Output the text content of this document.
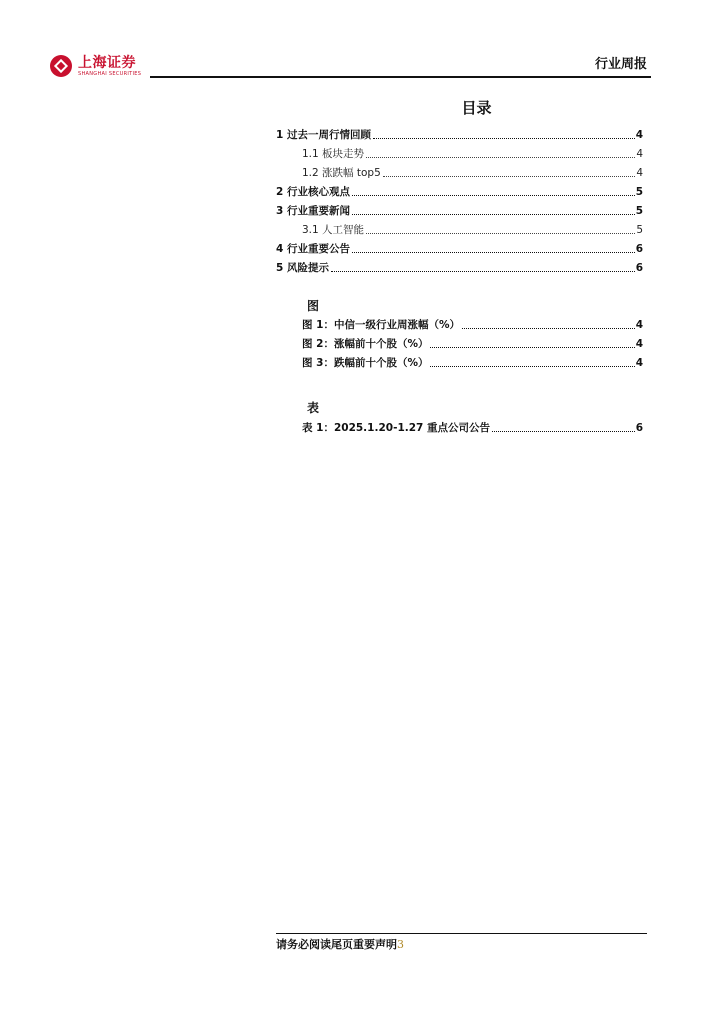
上海证券
SHANGHAI SECURITIES
行业周报
目录
1 过去一周行情回顾	4
1.1 板块走势	4
1.2 涨跌幅 top5	4
2 行业核心观点	5
3 行业重要新闻	5
3.1 人工智能	5
4 行业重要公告	6
5 风险提示	6
图
图 1：中信一级行业周涨幅（%）	4
图 2：涨幅前十个股（%）	4
图 3：跌幅前十个股（%）	4
表
表 1：2025.1.20-1.27 重点公司公告	6
请务必阅读尾页重要声明3
